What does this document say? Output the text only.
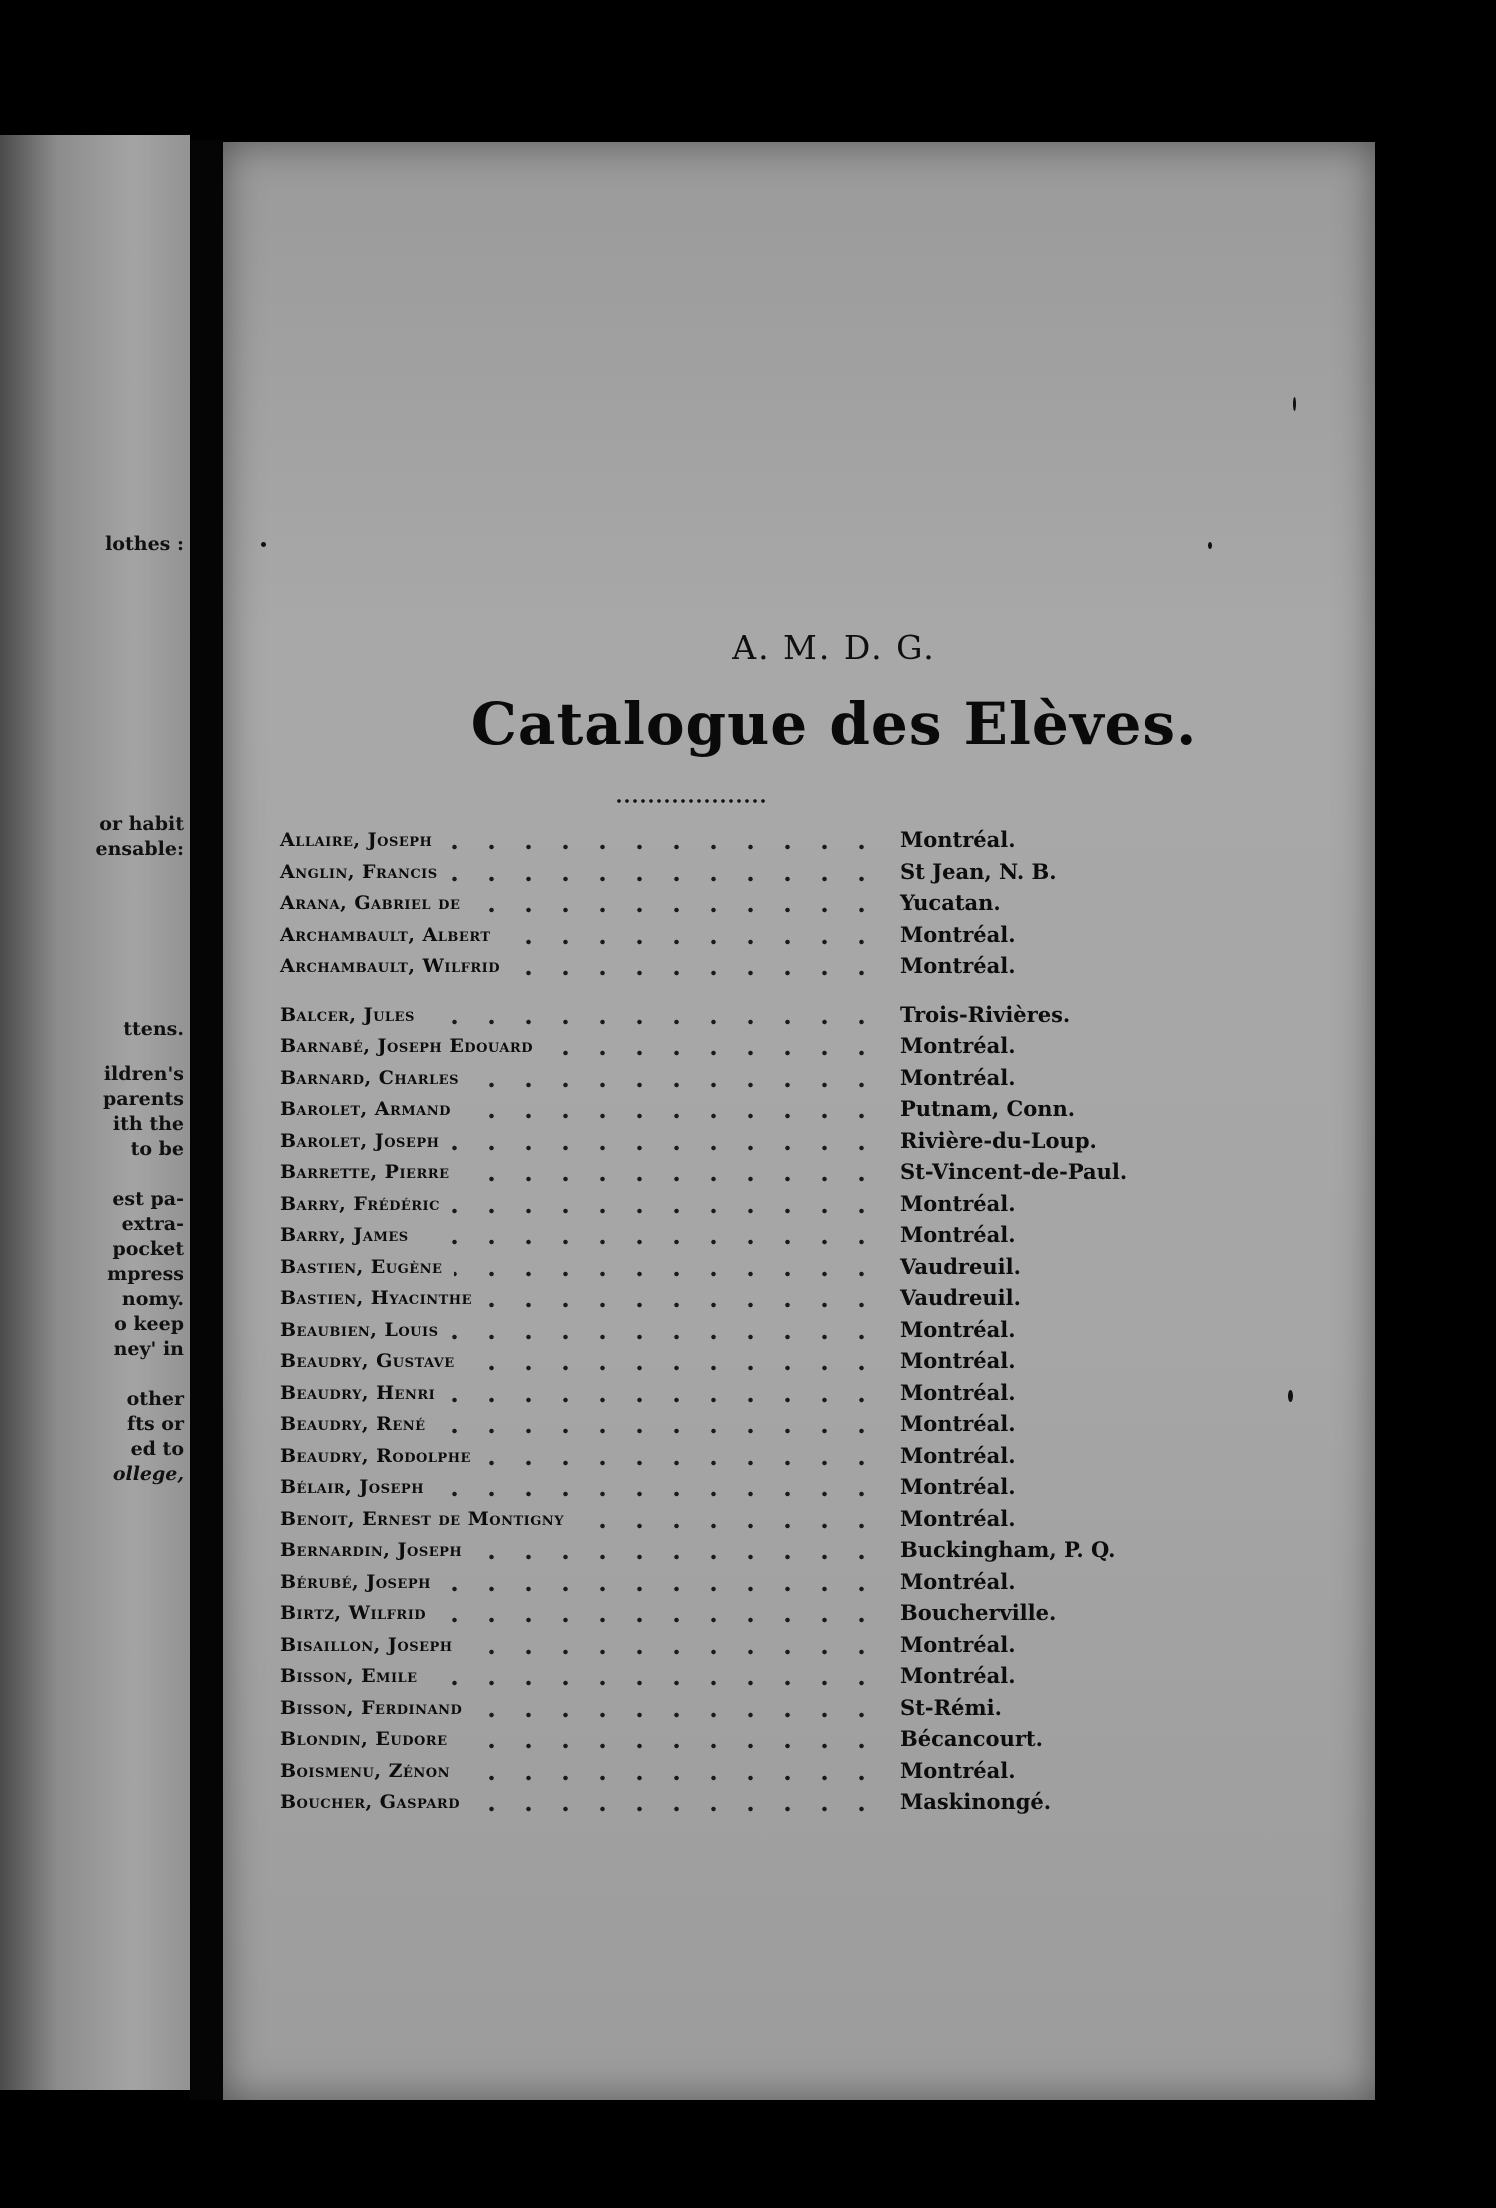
lothes :
or habit
ensable:
ttens.
ildren's
parents
ith the
to be
est pa-
extra-
pocket
mpress
nomy.
o keep
ney' in
other
fts or
ed to
ollege,
A. M. D. G.
Catalogue des Elèves.
Allaire, Joseph	Montréal.
Anglin, Francis	St Jean, N. B.
Arana, Gabriel de	Yucatan.
Archambault, Albert	Montréal.
Archambault, Wilfrid	Montréal.
Balcer, Jules	Trois-Rivières.
Barnabé, Joseph Edouard	Montréal.
Barnard, Charles	Montréal.
Barolet, Armand	Putnam, Conn.
Barolet, Joseph	Rivière-du-Loup.
Barrette, Pierre	St-Vincent-de-Paul.
Barry, Frédéric	Montréal.
Barry, James	Montréal.
Bastien, Eugène	Vaudreuil.
Bastien, Hyacinthe	Vaudreuil.
Beaubien, Louis	Montréal.
Beaudry, Gustave	Montréal.
Beaudry, Henri	Montréal.
Beaudry, René	Montréal.
Beaudry, Rodolphe	Montréal.
Bélair, Joseph	Montréal.
Benoit, Ernest de Montigny	Montréal.
Bernardin, Joseph	Buckingham, P. Q.
Bérubé, Joseph	Montréal.
Birtz, Wilfrid	Boucherville.
Bisaillon, Joseph	Montréal.
Bisson, Emile	Montréal.
Bisson, Ferdinand	St-Rémi.
Blondin, Eudore	Bécancourt.
Boismenu, Zénon	Montréal.
Boucher, Gaspard	Maskinongé.
